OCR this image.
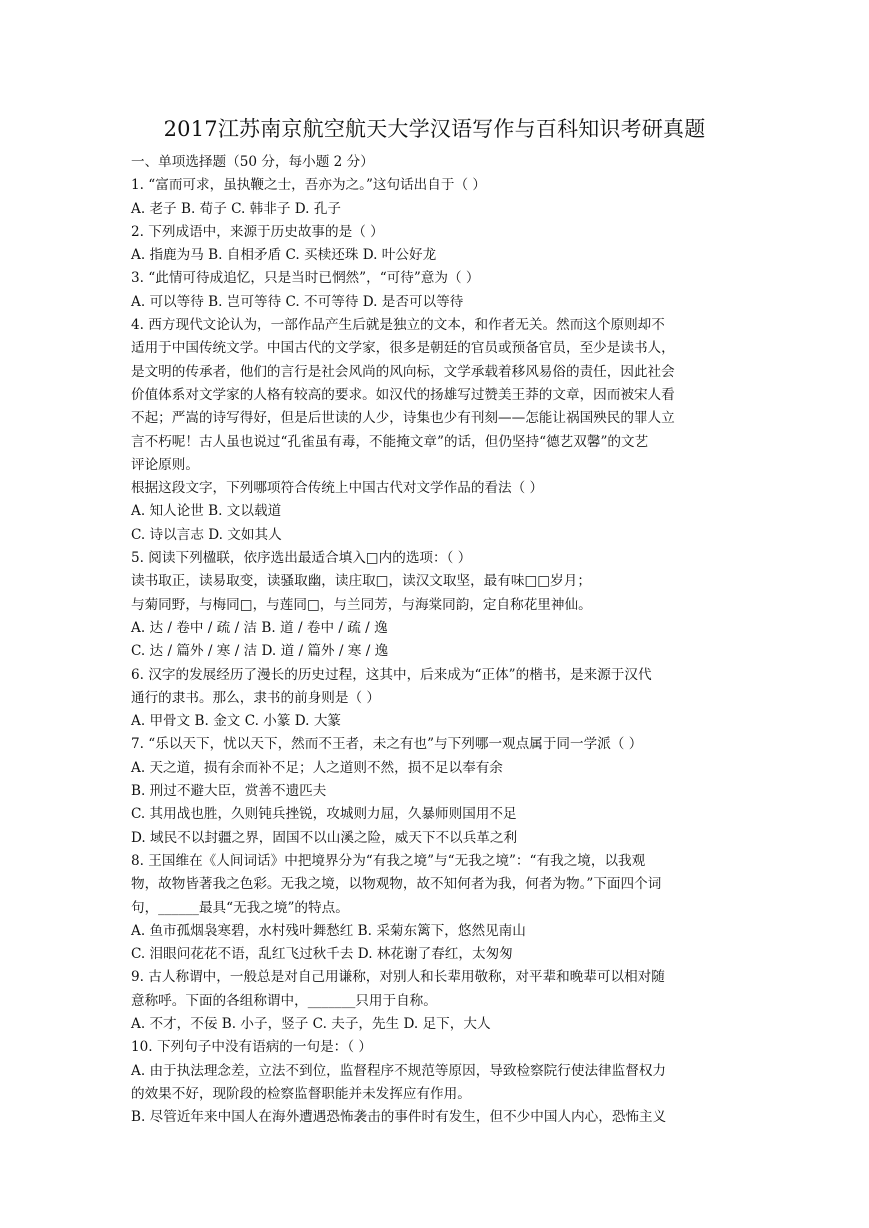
2017江苏南京航空航天大学汉语写作与百科知识考研真题
一、单项选择题（50 分，每小题 2 分）
1. “富而可求，虽执鞭之士，吾亦为之。”这句话出自于（ ）
A. 老子 B. 荀子 C. 韩非子 D. 孔子
2. 下列成语中，来源于历史故事的是（ ）
A. 指鹿为马 B. 自相矛盾 C. 买椟还珠 D. 叶公好龙
3. “此情可待成追忆，只是当时已惘然”，“可待”意为（ ）
A. 可以等待 B. 岂可等待 C. 不可等待 D. 是否可以等待
4. 西方现代文论认为，一部作品产生后就是独立的文本，和作者无关。然而这个原则却不
适用于中国传统文学。中国古代的文学家，很多是朝廷的官员或预备官员，至少是读书人，
是文明的传承者，他们的言行是社会风尚的风向标，文学承载着移风易俗的责任，因此社会
价值体系对文学家的人格有较高的要求。如汉代的扬雄写过赞美王莽的文章，因而被宋人看
不起；严嵩的诗写得好，但是后世读的人少，诗集也少有刊刻——怎能让祸国殃民的罪人立
言不朽呢！古人虽也说过“孔雀虽有毒，不能掩文章”的话，但仍坚持“德艺双馨”的文艺
评论原则。
根据这段文字，下列哪项符合传统上中国古代对文学作品的看法（ ）
A. 知人论世 B. 文以载道
C. 诗以言志 D. 文如其人
5. 阅读下列楹联，依序选出最适合填入□内的选项：（ ）
读书取正，读易取变，读骚取幽，读庄取□，读汉文取坚，最有味□□岁月；
与菊同野，与梅同□，与莲同□，与兰同芳，与海棠同韵，定自称花里神仙。
A. 达 / 卷中 / 疏 / 洁 B. 道 / 卷中 / 疏 / 逸
C. 达 / 篇外 / 寒 / 洁 D. 道 / 篇外 / 寒 / 逸
6. 汉字的发展经历了漫长的历史过程，这其中，后来成为“正体”的楷书，是来源于汉代
通行的隶书。那么，隶书的前身则是（ ）
A. 甲骨文 B. 金文 C. 小篆 D. 大篆
7. “乐以天下，忧以天下，然而不王者，未之有也”与下列哪一观点属于同一学派（ ）
A. 天之道，损有余而补不足；人之道则不然，损不足以奉有余
B. 刑过不避大臣，赏善不遗匹夫
C. 其用战也胜，久则钝兵挫锐，攻城则力屈，久暴师则国用不足
D. 域民不以封疆之界，固国不以山溪之险，威天下不以兵革之利
8. 王国维在《人间词话》中把境界分为“有我之境”与“无我之境”：“有我之境，以我观
物，故物皆著我之色彩。无我之境，以物观物，故不知何者为我，何者为物。”下面四个词
句，______最具“无我之境”的特点。
A. 鱼市孤烟袅寒碧，水村残叶舞愁红 B. 采菊东篱下，悠然见南山
C. 泪眼问花花不语，乱红飞过秋千去 D. 林花谢了春红，太匆匆
9. 古人称谓中，一般总是对自己用谦称，对别人和长辈用敬称，对平辈和晚辈可以相对随
意称呼。下面的各组称谓中，_______只用于自称。
A. 不才，不佞 B. 小子，竖子 C. 夫子，先生 D. 足下，大人
10. 下列句子中没有语病的一句是：（ ）
A. 由于执法理念差，立法不到位，监督程序不规范等原因，导致检察院行使法律监督权力
的效果不好，现阶段的检察监督职能并未发挥应有作用。
B. 尽管近年来中国人在海外遭遇恐怖袭击的事件时有发生，但不少中国人内心，恐怖主义
